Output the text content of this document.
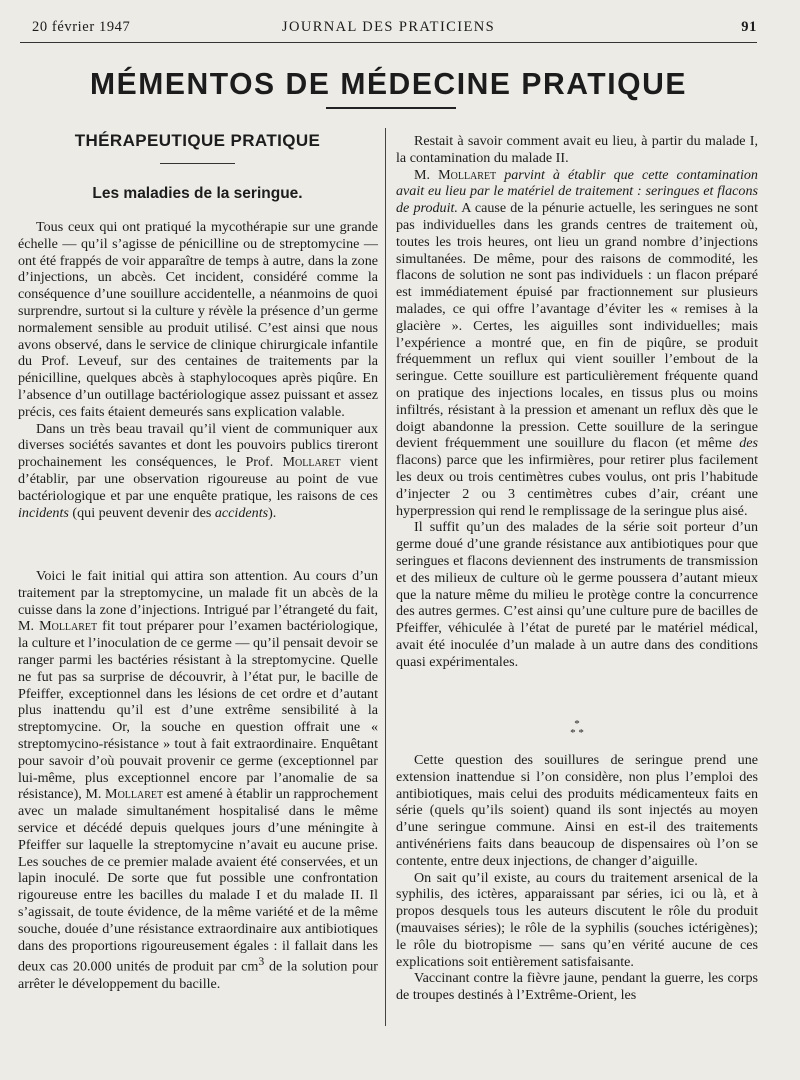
20 février 1947	JOURNAL DES PRATICIENS	91
MÉMENTOS DE MÉDECINE PRATIQUE
THÉRAPEUTIQUE PRATIQUE
Les maladies de la seringue.

Tous ceux qui ont pratiqué la mycothérapie sur une grande échelle — qu’il s’agisse de pénicilline ou de streptomycine — ont été frappés de voir apparaître de temps à autre, dans la zone d’injections, un abcès. Cet incident, considéré comme la conséquence d’une souillure accidentelle, a néanmoins de quoi surprendre, surtout si la culture y révèle la présence d’un germe normalement sensible au produit utilisé. C’est ainsi que nous avons observé, dans le service de clinique chirurgicale infantile du Prof. Leveuf, sur des centaines de traitements par la pénicilline, quelques abcès à staphylocoques après piqûre. En l’absence d’un outillage bactériologique assez puissant et assez précis, ces faits étaient demeurés sans explication valable.

Dans un très beau travail qu’il vient de communiquer aux diverses sociétés savantes et dont les pouvoirs publics tireront prochainement les conséquences, le Prof. Mollaret vient d’établir, par une observation rigoureuse au point de vue bactériologique et par une enquête pratique, les raisons de ces incidents (qui peuvent devenir des accidents).

Voici le fait initial qui attira son attention. Au cours d’un traitement par la streptomycine, un malade fit un abcès de la cuisse dans la zone d’injections. Intrigué par l’étrangeté du fait, M. Mollaret fit tout préparer pour l’examen bactériologique, la culture et l’inoculation de ce germe — qu’il pensait devoir se ranger parmi les bactéries résistant à la streptomycine. Quelle ne fut pas sa surprise de découvrir, à l’état pur, le bacille de Pfeiffer, exceptionnel dans les lésions de cet ordre et d’autant plus inattendu qu’il est d’une extrême sensibilité à la streptomycine. Or, la souche en question offrait une « streptomycino-résistance » tout à fait extraordinaire. Enquêtant pour savoir d’où pouvait provenir ce germe (exceptionnel par lui-même, plus exceptionnel encore par l’anomalie de sa résistance), M. Mollaret est amené à établir un rapprochement avec un malade simultanément hospitalisé dans le même service et décédé depuis quelques jours d’une méningite à Pfeiffer sur laquelle la streptomycine n’avait eu aucune prise. Les souches de ce premier malade avaient été conservées, et un lapin inoculé. De sorte que fut possible une confrontation rigoureuse entre les bacilles du malade I et du malade II. Il s’agissait, de toute évidence, de la même variété et de la même souche, douée d’une résistance extraordinaire aux antibiotiques dans des proportions rigoureusement égales : il fallait dans les deux cas 20.000 unités de produit par $cm^3$ de la solution pour arrêter le développement du bacille.

Restait à savoir comment avait eu lieu, à partir du malade I, la contamination du malade II.

M. Mollaret parvint à établir que cette contamination avait eu lieu par le matériel de traitement : seringues et flacons de produit. A cause de la pénurie actuelle, les seringues ne sont pas individuelles dans les grands centres de traitement où, toutes les trois heures, ont lieu un grand nombre d’injections simultanées. De même, pour des raisons de commodité, les flacons de solution ne sont pas individuels : un flacon préparé est immédiatement épuisé par fractionnement sur plusieurs malades, ce qui offre l’avantage d’éviter les « remises à la glacière ». Certes, les aiguilles sont individuelles; mais l’expérience a montré que, en fin de piqûre, se produit fréquemment un reflux qui vient souiller l’embout de la seringue. Cette souillure est particulièrement fréquente quand on pratique des injections locales, en tissus plus ou moins infiltrés, résistant à la pression et amenant un reflux dès que le doigt abandonne la pression. Cette souillure de la seringue devient fréquemment une souillure du flacon (et même des flacons) parce que les infirmières, pour retirer plus facilement les deux ou trois centimètres cubes voulus, ont pris l’habitude d’injecter 2 ou 3 centimètres cubes d’air, créant une hyperpression qui rend le remplissage de la seringue plus aisé.

Il suffit qu’un des malades de la série soit porteur d’un germe doué d’une grande résistance aux antibiotiques pour que seringues et flacons deviennent des instruments de transmission et des milieux de culture où le germe poussera d’autant mieux que la nature même du milieu le protège contre la concurrence des autres germes. C’est ainsi qu’une culture pure de bacilles de Pfeiffer, véhiculée à l’état de pureté par le matériel médical, avait été inoculée d’un malade à un autre dans des conditions quasi expérimentales.

*
* *

Cette question des souillures de seringue prend une extension inattendue si l’on considère, non plus l’emploi des antibiotiques, mais celui des produits médicamenteux faits en série (quels qu’ils soient) quand ils sont injectés au moyen d’une seringue commune. Ainsi en est-il des traitements antivénériens faits dans beaucoup de dispensaires où l’on se contente, entre deux injections, de changer d’aiguille.

On sait qu’il existe, au cours du traitement arsenical de la syphilis, des ictères, apparaissant par séries, ici ou là, et à propos desquels tous les auteurs discutent le rôle du produit (mauvaises séries); le rôle de la syphilis (souches ictérigènes); le rôle du biotropisme — sans qu’en vérité aucune de ces explications soit entièrement satisfaisante.

Vaccinant contre la fièvre jaune, pendant la guerre, les corps de troupes destinés à l’Extrême-Orient, les
